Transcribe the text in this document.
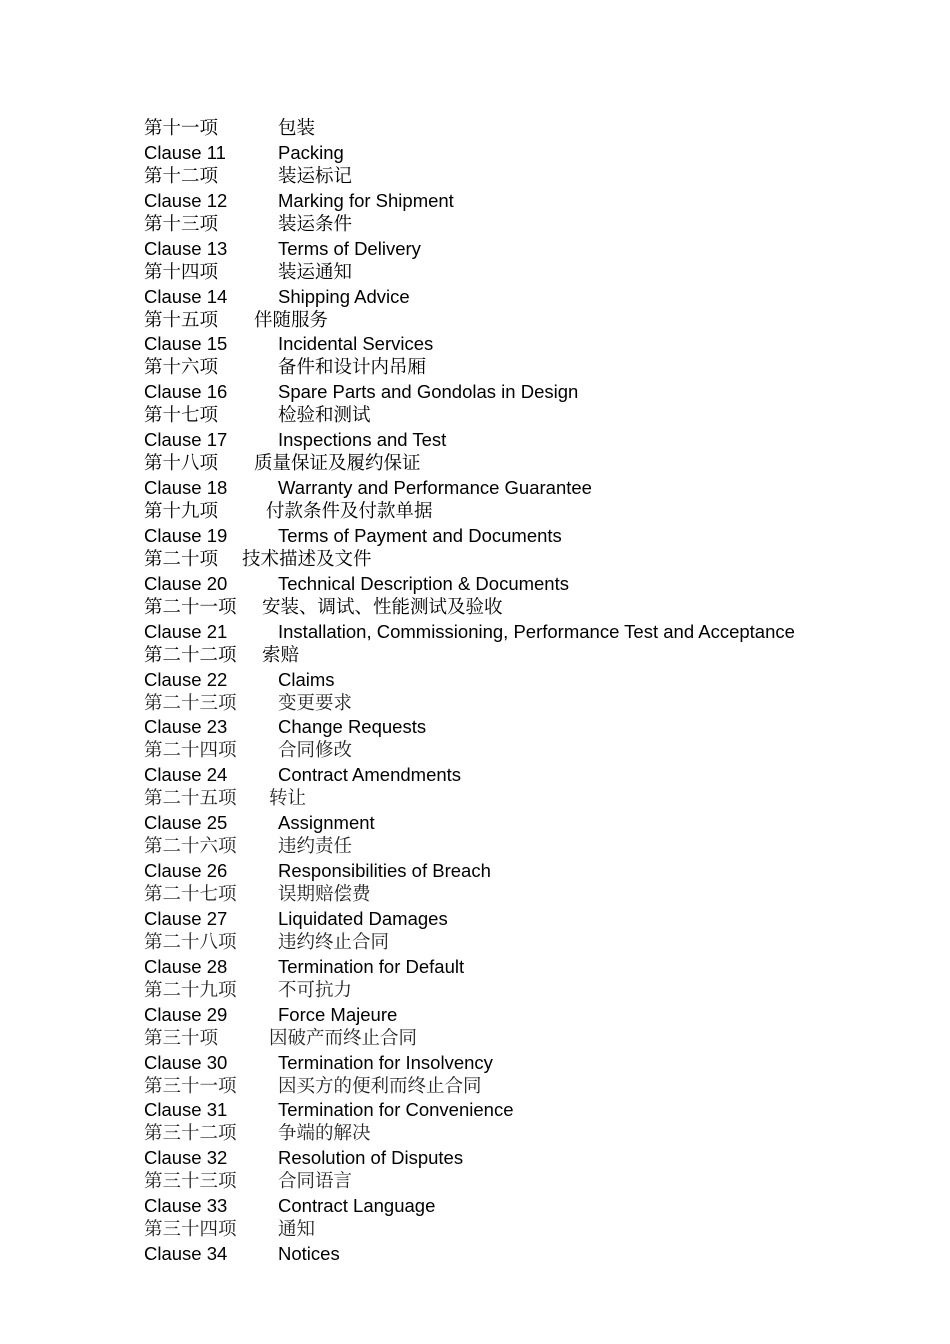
第十一项	包装
Clause 11	Packing
第十二项	装运标记
Clause 12	Marking for Shipment
第十三项	装运条件
Clause 13	Terms of Delivery
第十四项	装运通知
Clause 14	Shipping Advice
第十五项 伴随服务
Clause 15	Incidental Services
第十六项	备件和设计内吊厢
Clause 16	Spare Parts and Gondolas in Design
第十七项	检验和测试
Clause 17	Inspections and Test
第十八项 质量保证及履约保证
Clause 18	Warranty and Performance Guarantee
第十九项	付款条件及付款单据
Clause 19	Terms of Payment and Documents
第二十项 技术描述及文件
Clause 20	Technical Description & Documents
第二十一项 安装、调试、性能测试及验收
Clause 21	Installation, Commissioning, Performance Test and Acceptance
第二十二项 索赔
Clause 22	Claims
第二十三项 变更要求
Clause 23	Change Requests
第二十四项 合同修改
Clause 24	Contract Amendments
第二十五项 转让
Clause 25	Assignment
第二十六项 违约责任
Clause 26	Responsibilities of Breach
第二十七项 误期赔偿费
Clause 27	Liquidated Damages
第二十八项 违约终止合同
Clause 28	Termination for Default
第二十九项 不可抗力
Clause 29	Force Majeure
第三十项	因破产而终止合同
Clause 30	Termination for Insolvency
第三十一项 因买方的便利而终止合同
Clause 31	Termination for Convenience
第三十二项 争端的解决
Clause 32	Resolution of Disputes
第三十三项 合同语言
Clause 33	Contract Language
第三十四项 通知
Clause 34	Notices
